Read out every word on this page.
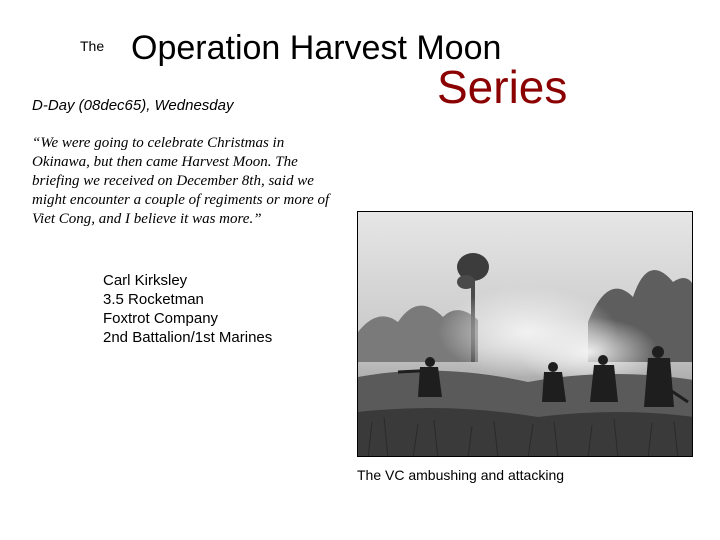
The Operation Harvest Moon
Series
D-Day (08dec65), Wednesday
“We were going to celebrate Christmas in Okinawa, but then came Harvest Moon. The briefing we received on December 8th, said we might encounter a couple of regiments or more of Viet Cong, and I believe it was more.”
Carl Kirksley
3.5 Rocketman
Foxtrot Company
2nd Battalion/1st Marines
The VC ambushing and attacking
